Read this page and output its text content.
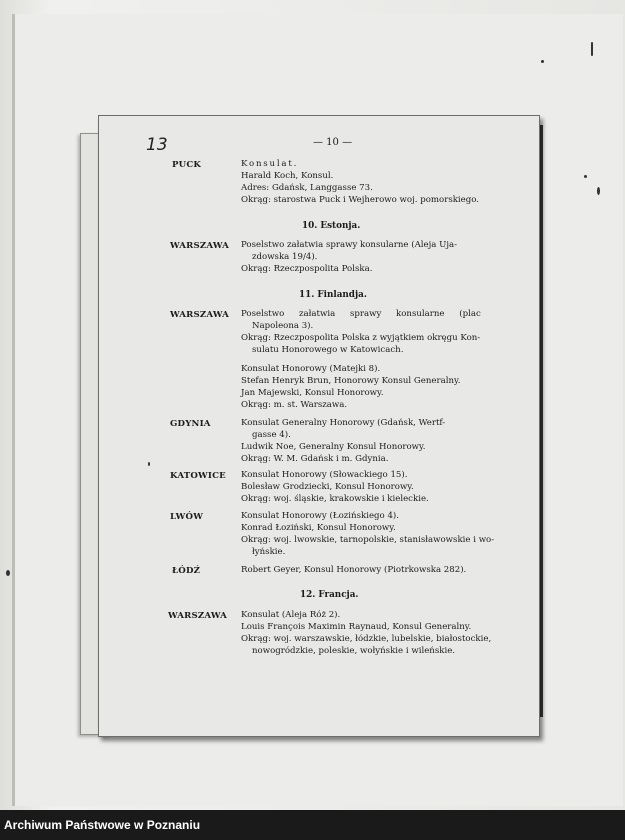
13	— 10 —
PUCK	Konsulat.
Harald Koch, Konsul.
Adres: Gdańsk, Langgasse 73.
Okrąg: starostwa Puck i Wejherowo woj. pomorskiego.
10. Estonja.
WARSZAWA Poselstwo załatwia sprawy konsularne (Aleja Uja-
zdowska 19/4).
Okrąg: Rzeczpospolita Polska.
11. Finlandja.
WARSZAWA Poselstwo załatwia sprawy konsularne (plac
Napoleona 3).
Okrąg: Rzeczpospolita Polska z wyjątkiem okręgu Kon-
sulatu Honorowego w Katowicach.
Konsulat Honorowy (Matejki 8).
Stefan Henryk Brun, Honorowy Konsul Generalny.
Jan Majewski, Konsul Honorowy.
Okrąg: m. st. Warszawa.
GDYNIA	Konsulat Generalny Honorowy (Gdańsk, Wertf-
gasse 4).
Ludwik Noe, Generalny Konsul Honorowy.
Okrąg: W. M. Gdańsk i m. Gdynia.
KATOWICE Konsulat Honorowy (Słowackiego 15).
Bolesław Grodziecki, Konsul Honorowy.
Okrąg: woj. śląskie, krakowskie i kieleckie.
LWÓW	Konsulat Honorowy (Łozińskiego 4).
Konrad Łoziński, Konsul Honorowy.
Okrąg: woj. lwowskie, tarnopolskie, stanisławowskie i wo-
łyńskie.
ŁÓDŹ	Robert Geyer, Konsul Honorowy (Piotrkowska 282).
12. Francja.
WARSZAWA Konsulat (Aleja Róż 2).
Louis François Maximin Raynaud, Konsul Generalny.
Okrąg: woj. warszawskie, łódzkie, lubelskie, białostockie,
nowogródzkie, poleskie, wołyńskie i wileńskie.
Archiwum Państwowe w Poznaniu
